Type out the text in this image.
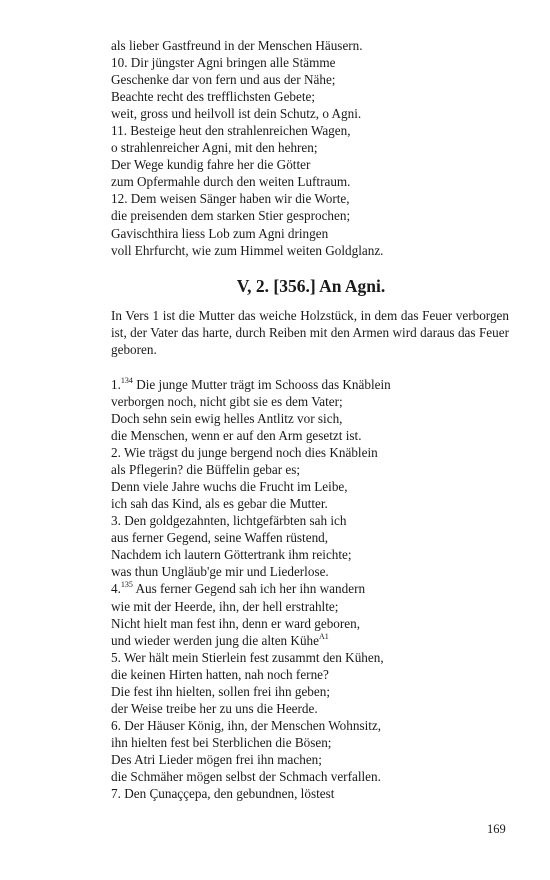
als lieber Gastfreund in der Menschen Häusern.
10. Dir jüngster Agni bringen alle Stämme
Geschenke dar von fern und aus der Nähe;
Beachte recht des trefflichsten Gebete;
weit, gross und heilvoll ist dein Schutz, o Agni.
11. Besteige heut den strahlenreichen Wagen,
o strahlenreicher Agni, mit den hehren;
Der Wege kundig fahre her die Götter
zum Opfermahle durch den weiten Luftraum.
12. Dem weisen Sänger haben wir die Worte,
die preisenden dem starken Stier gesprochen;
Gavischthira liess Lob zum Agni dringen
voll Ehrfurcht, wie zum Himmel weiten Goldglanz.
V, 2. [356.] An Agni.
In Vers 1 ist die Mutter das weiche Holzstück, in dem das Feuer verborgen ist, der Vater das harte, durch Reiben mit den Armen wird daraus das Feuer geboren.
1.$^{134}$ Die junge Mutter trägt im Schooss das Knäblein
verborgen noch, nicht gibt sie es dem Vater;
Doch sehn sein ewig helles Antlitz vor sich,
die Menschen, wenn er auf den Arm gesetzt ist.
2. Wie trägst du junge bergend noch dies Knäblein
als Pflegerin? die Büffelin gebar es;
Denn viele Jahre wuchs die Frucht im Leibe,
ich sah das Kind, als es gebar die Mutter.
3. Den goldgezahnten, lichtgefärbten sah ich
aus ferner Gegend, seine Waffen rüstend,
Nachdem ich lautern Göttertrank ihm reichte;
was thun Ungläub'ge mir und Liederlose.
4.$^{135}$ Aus ferner Gegend sah ich her ihn wandern
wie mit der Heerde, ihn, der hell erstrahlte;
Nicht hielt man fest ihn, denn er ward geboren,
und wieder werden jung die alten Kühe$^{A1}$
5. Wer hält mein Stierlein fest zusammt den Kühen,
die keinen Hirten hatten, nah noch ferne?
Die fest ihn hielten, sollen frei ihn geben;
der Weise treibe her zu uns die Heerde.
6. Der Häuser König, ihn, der Menschen Wohnsitz,
ihn hielten fest bei Sterblichen die Bösen;
Des Atri Lieder mögen frei ihn machen;
die Schmäher mögen selbst der Schmach verfallen.
7. Den Çunaççepa, den gebundnen, löstest
169
